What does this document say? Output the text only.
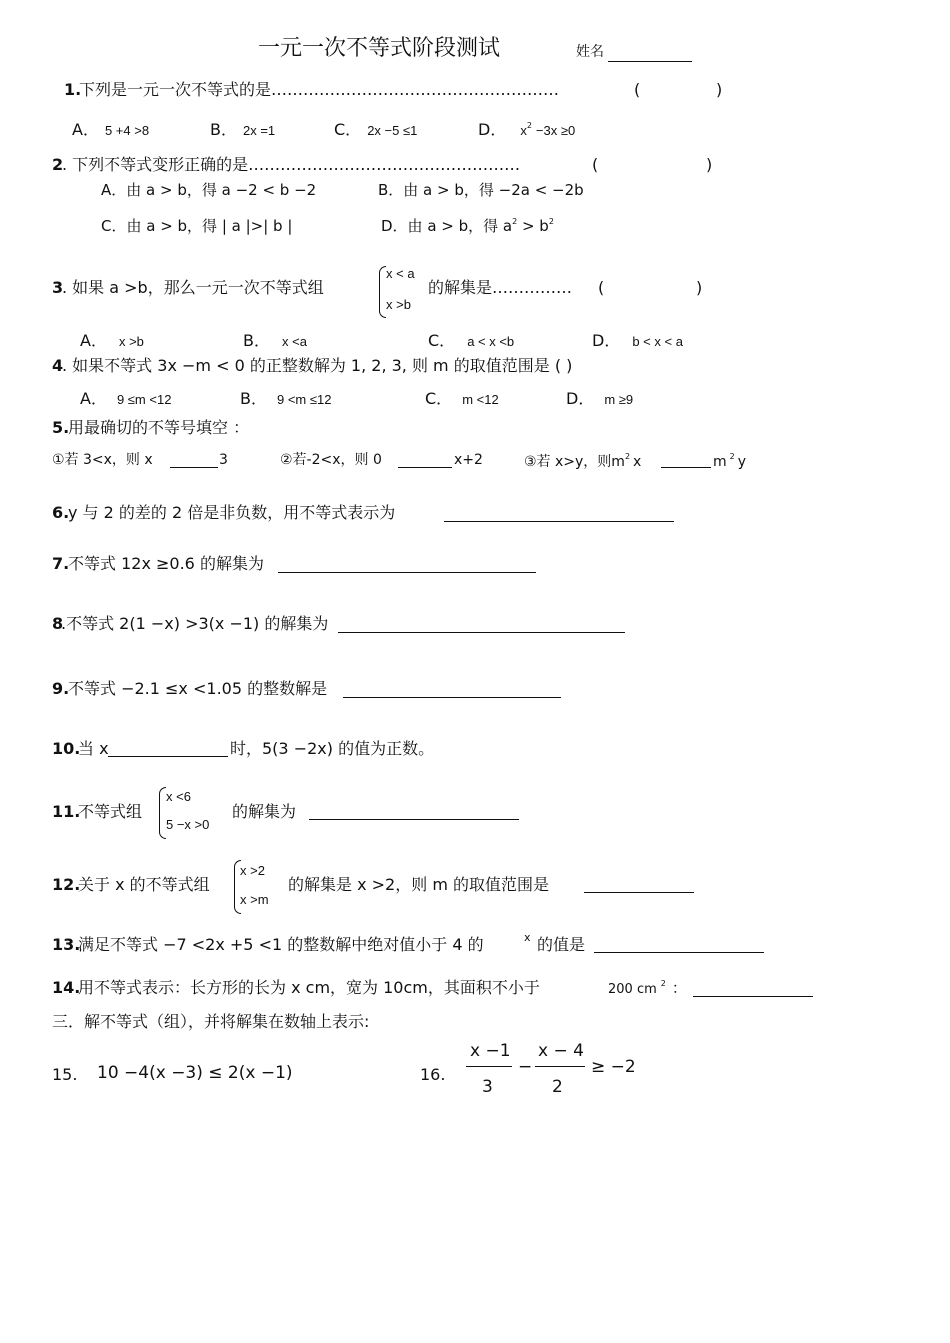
一元一次不等式阶段测试	姓名
1.
下列是一元一次不等式的是………………………………………………	(	)
A． 5 +4 >8	B． 2x =1	C． 2x −5 ≤1	D． $x^2 -3x \ge 0$
2
. 下列不等式变形正确的是……………………………………………	(	)
A．由 a > b，得 a −2 < b −2	B．由 a > b，得 −2a < −2b
C．由 a > b，得 | a |>| b |	D．由 a > b，得 $a^2 > b^2$
3
. 如果 a >b，那么一元一次不等式组
x < a
x >b
的解集是…………… (	)
A． x >b	B． x <a	C． a < x <b	D． b < x < a
4
. 如果不等式 3x −m < 0 的正整数解为 1, 2, 3, 则 m 的取值范围是 ( )
A． 9 ≤m <12	B． 9 <m ≤12	C． m <12	D． m ≥9
5.
用最确切的不等号填空 ：
①若 3<x，则 x	3	②若-2<x，则 0	x+2	③若 x>y，则$m^2$ x	m $^2$ y
6.
y 与 2 的差的 2 倍是非负数，用不等式表示为
7.
不等式 12x ≥0.6 的解集为
8
.不等式 2(1 −x) >3(x −1) 的解集为
9.
不等式 −2.1 ≤x <1.05 的整数解是
10.
当 x	时，5(3 −2x) 的值为正数。
11.
不等式组
x <6
5 −x >0
的解集为
12.
关于 x 的不等式组
x >2
x >m
的解集是 x >2，则 m 的取值范围是
13.
满足不等式 −7 <2x +5 <1 的整数解中绝对值小于 4 的	x 的值是
14.
用不等式表示：长方形的长为 x cm，宽为 10cm，其面积不小于	200 cm $^2$ ：
三．解不等式（组），并将解集在数轴上表示:
15. 10 −4(x −3) ≤ 2(x −1)	16.
x −1
3
−
x − 4
2
≥ −2
